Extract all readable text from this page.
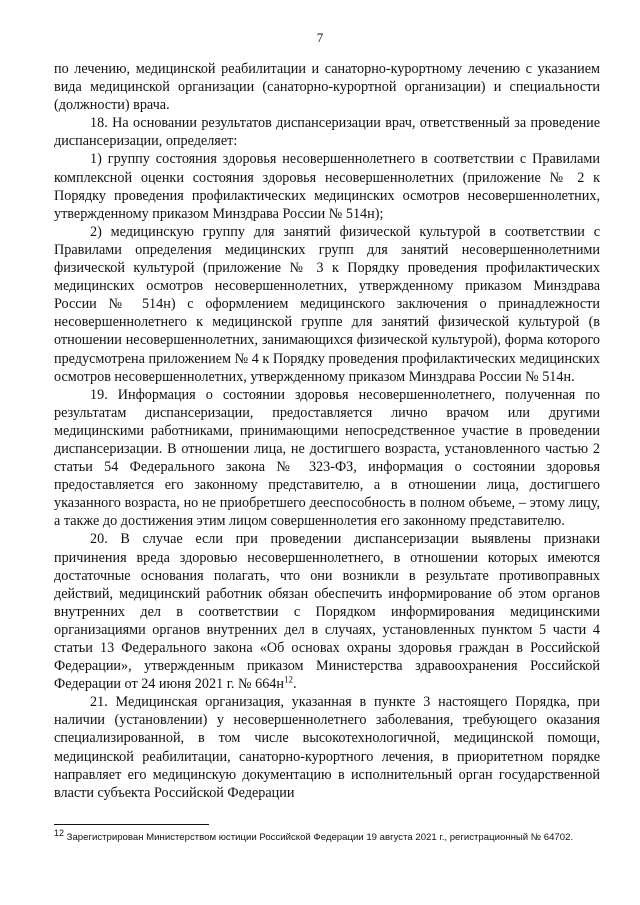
7

по лечению, медицинской реабилитации и санаторно-курортному лечению с указанием вида медицинской организации (санаторно-курортной организации) и специальности (должности) врача.

18. На основании результатов диспансеризации врач, ответственный за проведение диспансеризации, определяет:

1) группу состояния здоровья несовершеннолетнего в соответствии с Правилами комплексной оценки состояния здоровья несовершеннолетних (приложение № 2 к Порядку проведения профилактических медицинских осмотров несовершеннолетних, утвержденному приказом Минздрава России № 514н);

2) медицинскую группу для занятий физической культурой в соответствии с Правилами определения медицинских групп для занятий несовершеннолетними физической культурой (приложение № 3 к Порядку проведения профилактических медицинских осмотров несовершеннолетних, утвержденному приказом Минздрава России № 514н) с оформлением медицинского заключения о принадлежности несовершеннолетнего к медицинской группе для занятий физической культурой (в отношении несовершеннолетних, занимающихся физической культурой), форма которого предусмотрена приложением № 4 к Порядку проведения профилактических медицинских осмотров несовершеннолетних, утвержденному приказом Минздрава России № 514н.

19. Информация о состоянии здоровья несовершеннолетнего, полученная по результатам диспансеризации, предоставляется лично врачом или другими медицинскими работниками, принимающими непосредственное участие в проведении диспансеризации. В отношении лица, не достигшего возраста, установленного частью 2 статьи 54 Федерального закона № 323-ФЗ, информация о состоянии здоровья предоставляется его законному представителю, а в отношении лица, достигшего указанного возраста, но не приобретшего дееспособность в полном объеме, – этому лицу, а также до достижения этим лицом совершеннолетия его законному представителю.

20. В случае если при проведении диспансеризации выявлены признаки причинения вреда здоровью несовершеннолетнего, в отношении которых имеются достаточные основания полагать, что они возникли в результате противоправных действий, медицинский работник обязан обеспечить информирование об этом органов внутренних дел в соответствии с Порядком информирования медицинскими организациями органов внутренних дел в случаях, установленных пунктом 5 части 4 статьи 13 Федерального закона «Об основах охраны здоровья граждан в Российской Федерации», утвержденным приказом Министерства здравоохранения Российской Федерации от 24 июня 2021 г. № $664н^{12}$.

21. Медицинская организация, указанная в пункте 3 настоящего Порядка, при наличии (установлении) у несовершеннолетнего заболевания, требующего оказания специализированной, в том числе высокотехнологичной, медицинской помощи, медицинской реабилитации, санаторно-курортного лечения, в приоритетном порядке направляет его медицинскую документацию в исполнительный орган государственной власти субъекта Российской Федерации

$^{12}$ Зарегистрирован Министерством юстиции Российской Федерации 19 августа 2021 г., регистрационный № 64702.
